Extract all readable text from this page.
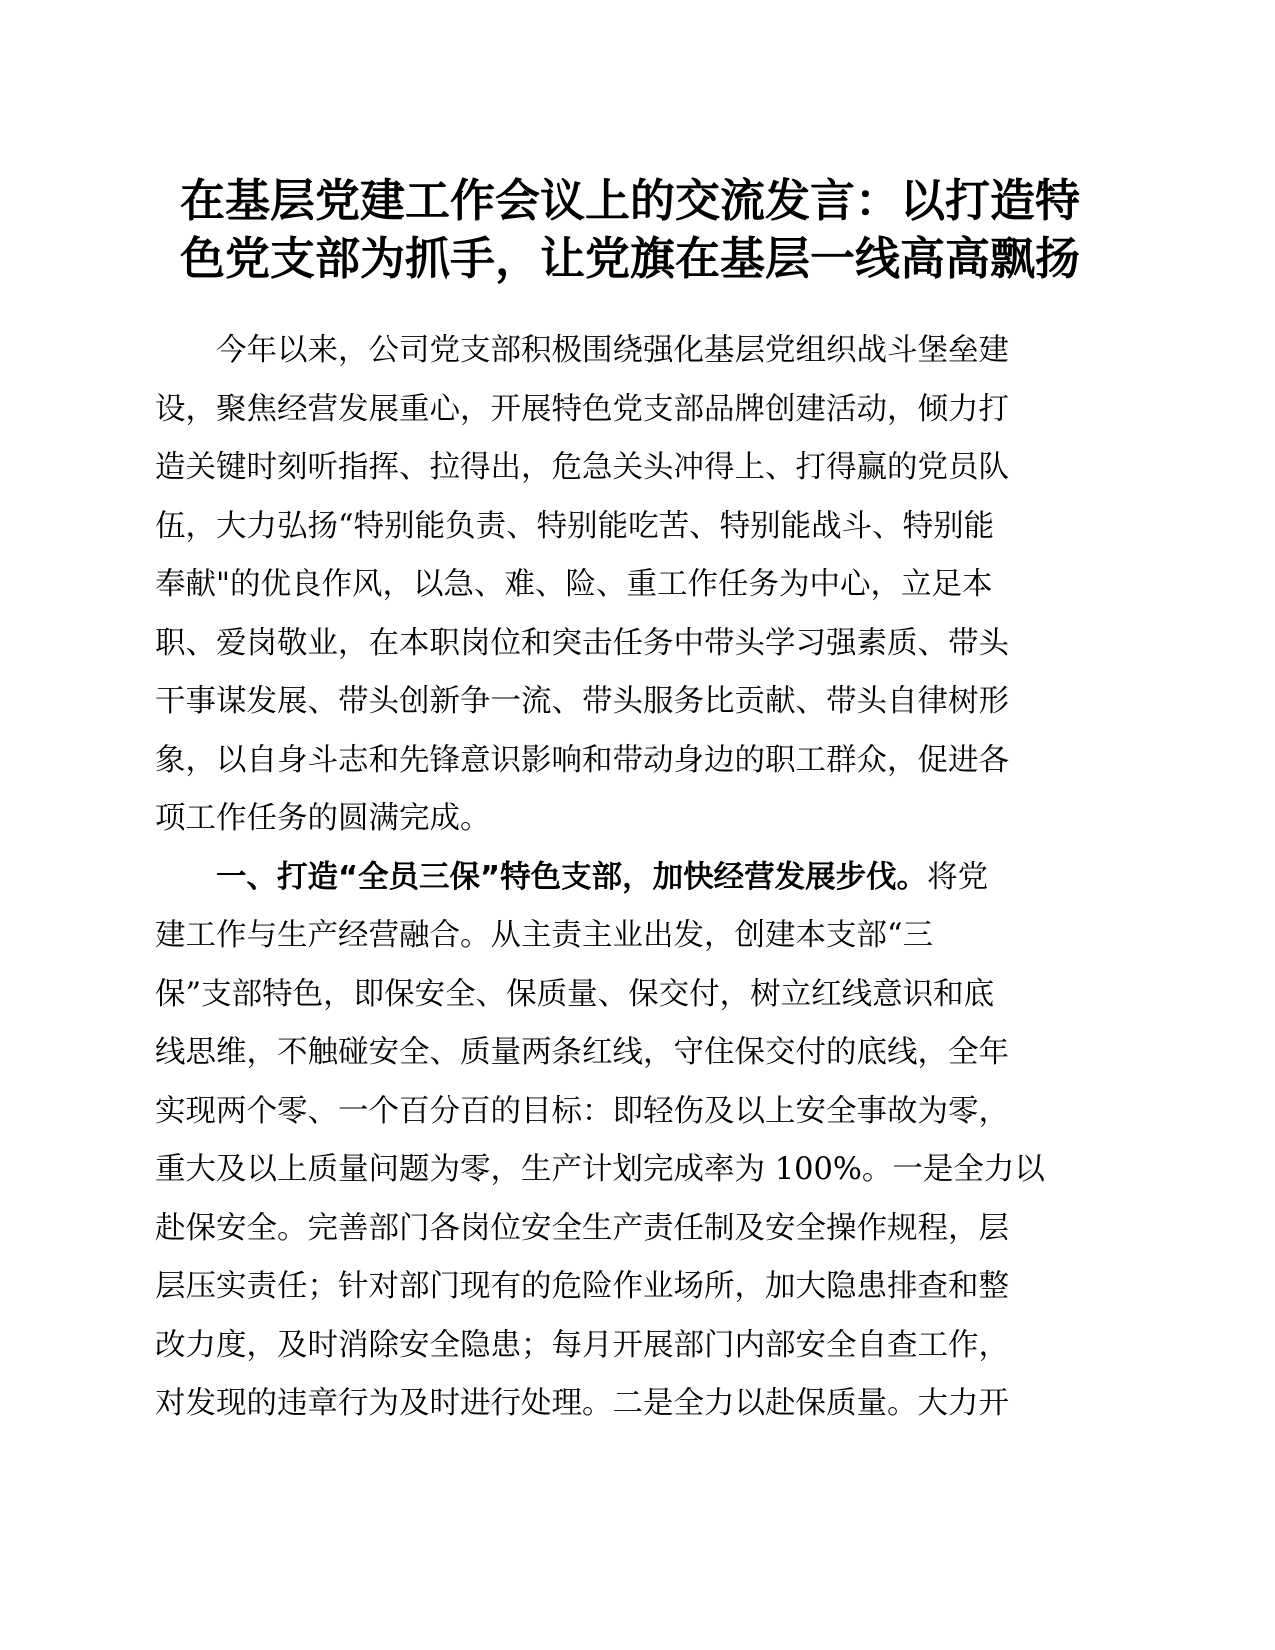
在基层党建工作会议上的交流发言：以打造特
色党支部为抓手，让党旗在基层一线高高飘扬

今年以来，公司党支部积极围绕强化基层党组织战斗堡垒建
设，聚焦经营发展重心，开展特色党支部品牌创建活动，倾力打
造关键时刻听指挥、拉得出，危急关头冲得上、打得赢的党员队
伍，大力弘扬“特别能负责、特别能吃苦、特别能战斗、特别能
奉献"的优良作风，以急、难、险、重工作任务为中心，立足本
职、爱岗敬业，在本职岗位和突击任务中带头学习强素质、带头
干事谋发展、带头创新争一流、带头服务比贡献、带头自律树形
象，以自身斗志和先锋意识影响和带动身边的职工群众，促进各
项工作任务的圆满完成。

一、打造“全员三保”特色支部，加快经营发展步伐。将党
建工作与生产经营融合。从主责主业出发，创建本支部“三
保”支部特色，即保安全、保质量、保交付，树立红线意识和底
线思维，不触碰安全、质量两条红线，守住保交付的底线，全年
实现两个零、一个百分百的目标：即轻伤及以上安全事故为零，
重大及以上质量问题为零，生产计划完成率为 100%。一是全力以
赴保安全。完善部门各岗位安全生产责任制及安全操作规程，层
层压实责任；针对部门现有的危险作业场所，加大隐患排查和整
改力度，及时消除安全隐患；每月开展部门内部安全自查工作，
对发现的违章行为及时进行处理。二是全力以赴保质量。大力开
